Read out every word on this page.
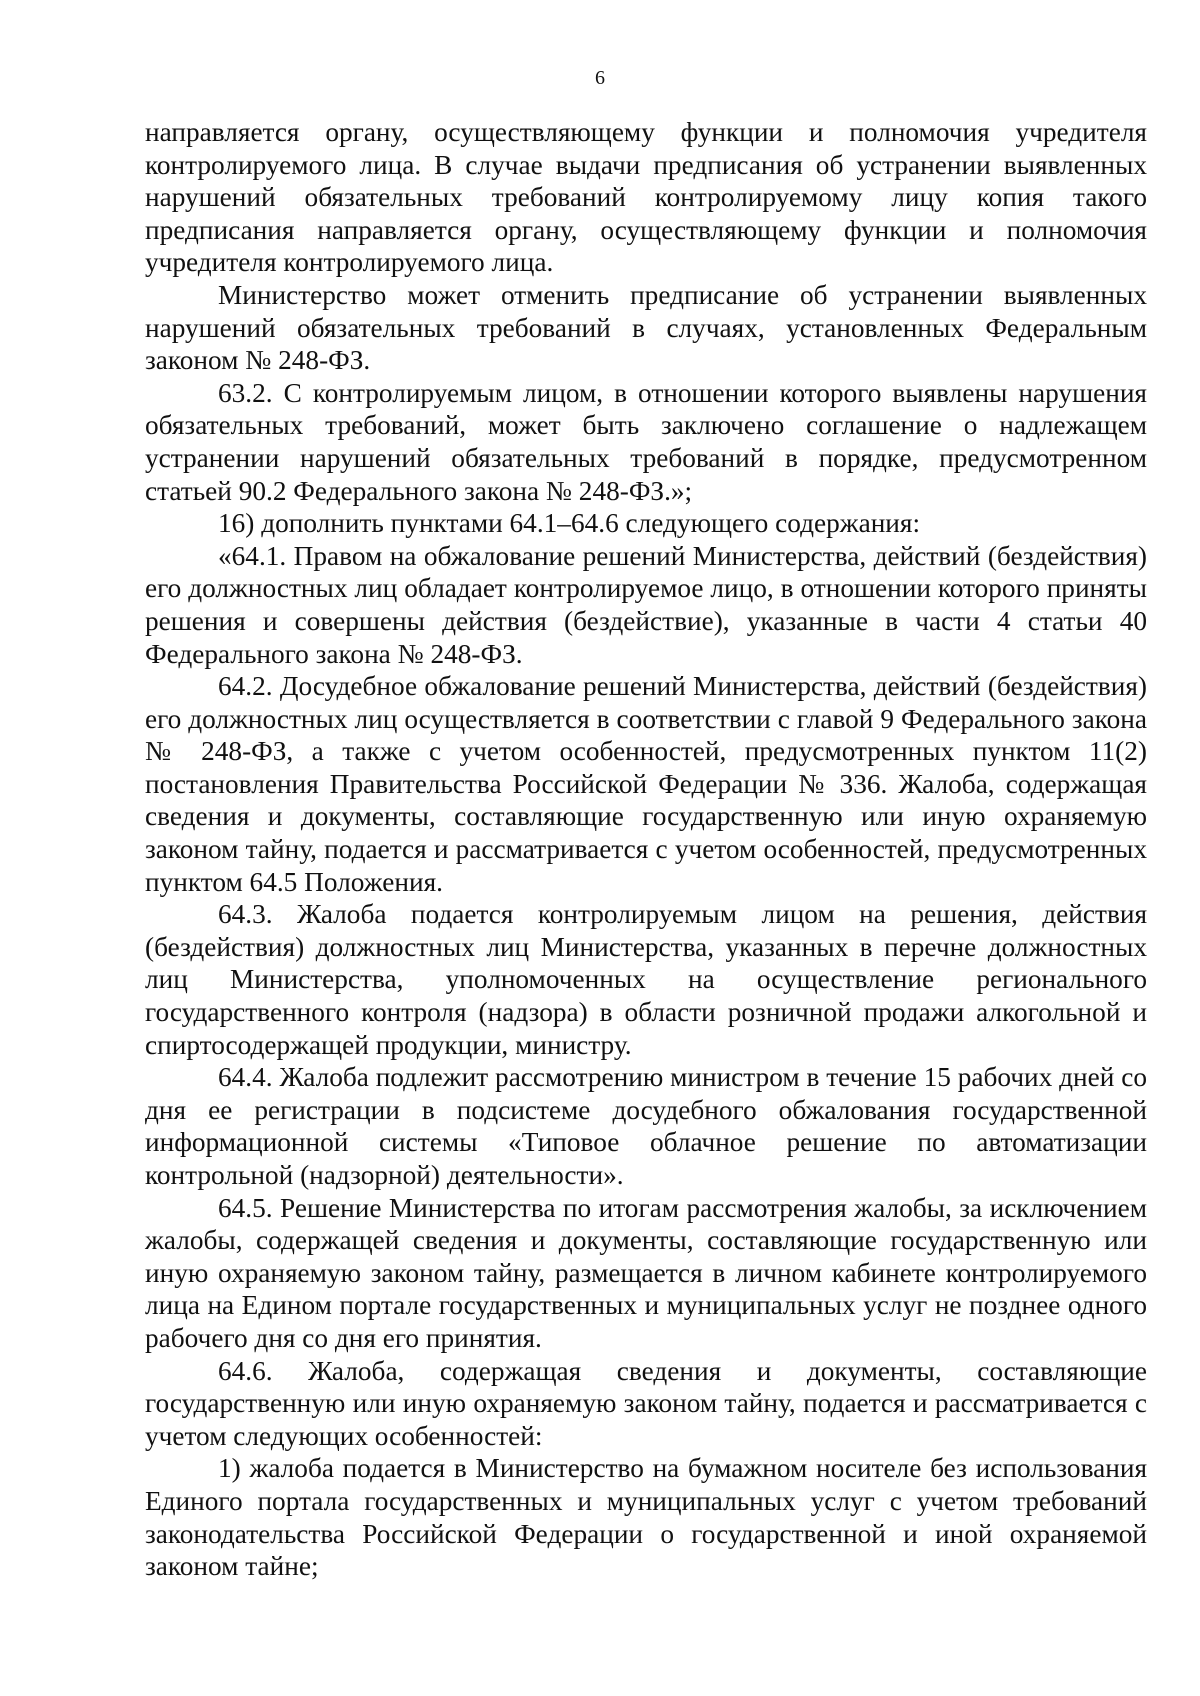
6

направляется органу, осуществляющему функции и полномочия учредителя контролируемого лица. В случае выдачи предписания об устранении выявленных нарушений обязательных требований контролируемому лицу копия такого предписания направляется органу, осуществляющему функции и полномочия учредителя контролируемого лица.

Министерство может отменить предписание об устранении выявленных нарушений обязательных требований в случаях, установленных Федеральным законом № 248-ФЗ.

63.2. С контролируемым лицом, в отношении которого выявлены нарушения обязательных требований, может быть заключено соглашение о надлежащем устранении нарушений обязательных требований в порядке, предусмотренном статьей 90.2 Федерального закона № 248-ФЗ.»;

16) дополнить пунктами 64.1–64.6 следующего содержания:

«64.1. Правом на обжалование решений Министерства, действий (бездействия) его должностных лиц обладает контролируемое лицо, в отношении которого приняты решения и совершены действия (бездействие), указанные в части 4 статьи 40 Федерального закона № 248-ФЗ.

64.2. Досудебное обжалование решений Министерства, действий (бездействия) его должностных лиц осуществляется в соответствии с главой 9 Федерального закона № 248-ФЗ, а также с учетом особенностей, предусмотренных пунктом 11(2) постановления Правительства Российской Федерации № 336. Жалоба, содержащая сведения и документы, составляющие государственную или иную охраняемую законом тайну, подается и рассматривается с учетом особенностей, предусмотренных пунктом 64.5 Положения.

64.3. Жалоба подается контролируемым лицом на решения, действия (бездействия) должностных лиц Министерства, указанных в перечне должностных лиц Министерства, уполномоченных на осуществление регионального государственного контроля (надзора) в области розничной продажи алкогольной и спиртосодержащей продукции, министру.

64.4. Жалоба подлежит рассмотрению министром в течение 15 рабочих дней со дня ее регистрации в подсистеме досудебного обжалования государственной информационной системы «Типовое облачное решение по автоматизации контрольной (надзорной) деятельности».

64.5. Решение Министерства по итогам рассмотрения жалобы, за исключением жалобы, содержащей сведения и документы, составляющие государственную или иную охраняемую законом тайну, размещается в личном кабинете контролируемого лица на Едином портале государственных и муниципальных услуг не позднее одного рабочего дня со дня его принятия.

64.6. Жалоба, содержащая сведения и документы, составляющие государственную или иную охраняемую законом тайну, подается и рассматривается с учетом следующих особенностей:

1) жалоба подается в Министерство на бумажном носителе без использования Единого портала государственных и муниципальных услуг с учетом требований законодательства Российской Федерации о государственной и иной охраняемой законом тайне;
